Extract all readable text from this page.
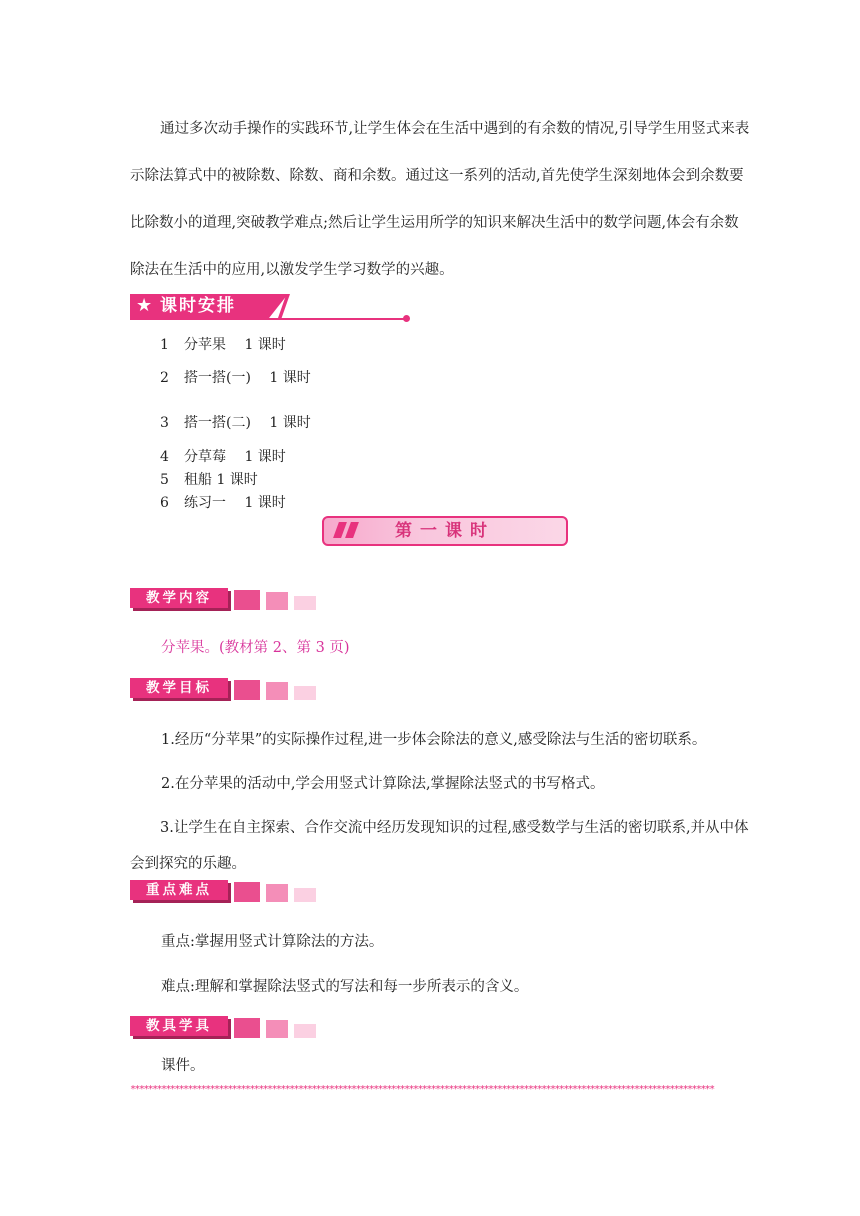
通过多次动手操作的实践环节,让学生体会在生活中遇到的有余数的情况,引导学生用竖式来表示除法算式中的被除数、除数、商和余数。通过这一系列的活动,首先使学生深刻地体会到余数要比除数小的道理,突破教学难点;然后让学生运用所学的知识来解决生活中的数学问题,体会有余数除法在生活中的应用,以激发学生学习数学的兴趣。

★ 课时安排
1 分苹果　 1 课时
2 搭一搭(一)　 1 课时
3 搭一搭(二)　 1 课时
4 分草莓　 1 课时
5 租船 1 课时
6 练习一　 1 课时
第一课时
教学内容
分苹果。(教材第 2、第 3 页)
教学目标
1.经历“分苹果”的实际操作过程,进一步体会除法的意义,感受除法与生活的密切联系。
2.在分苹果的活动中,学会用竖式计算除法,掌握除法竖式的书写格式。

3.让学生在自主探索、合作交流中经历发现知识的过程,感受数学与生活的密切联系,并从中体会到探究的乐趣。

重点难点
重点:掌握用竖式计算除法的方法。
难点:理解和掌握除法竖式的写法和每一步所表示的含义。
教具学具
课件。
************************************************************************************************************************************
